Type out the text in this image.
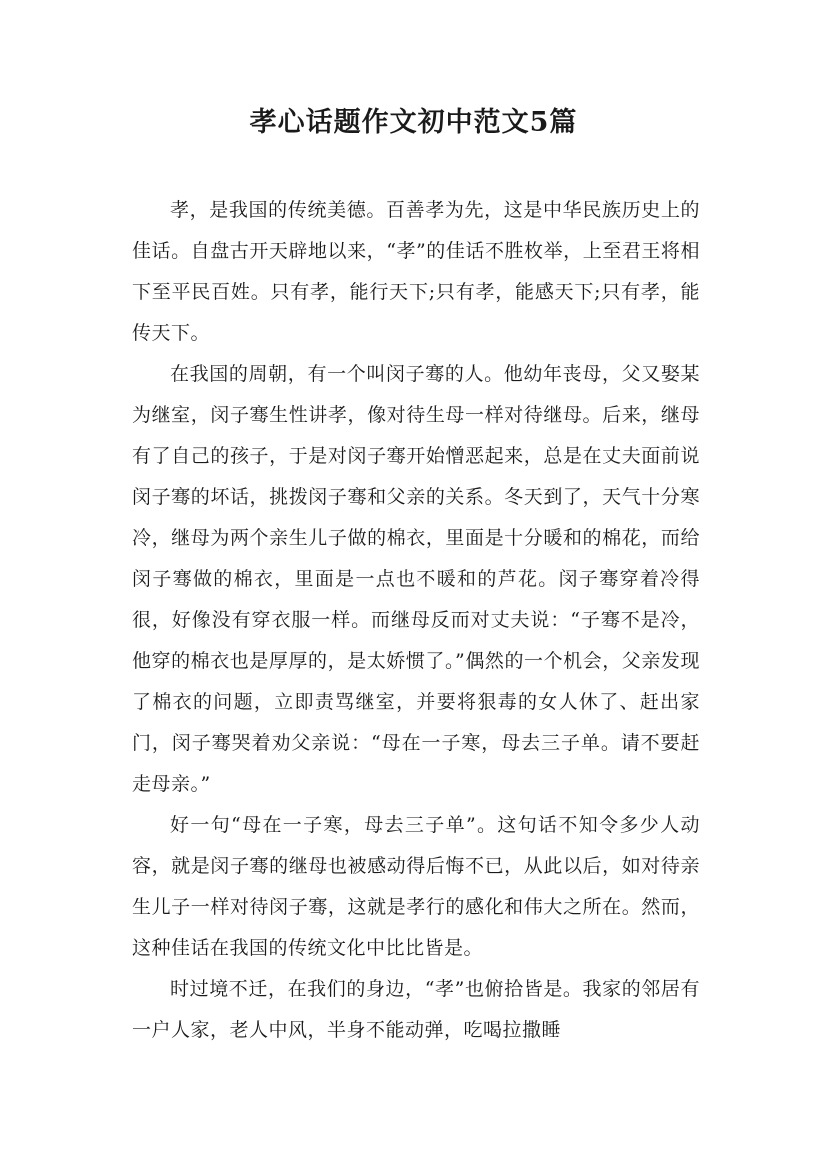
孝心话题作文初中范文5篇

孝，是我国的传统美德。百善孝为先，这是中华民族历史上的佳话。自盘古开天辟地以来，“孝”的佳话不胜枚举，上至君王将相下至平民百姓。只有孝，能行天下;只有孝，能感天下;只有孝，能传天下。

在我国的周朝，有一个叫闵子骞的人。他幼年丧母，父又娶某为继室，闵子骞生性讲孝，像对待生母一样对待继母。后来，继母有了自己的孩子，于是对闵子骞开始憎恶起来，总是在丈夫面前说闵子骞的坏话，挑拨闵子骞和父亲的关系。冬天到了，天气十分寒冷，继母为两个亲生儿子做的棉衣，里面是十分暖和的棉花，而给闵子骞做的棉衣，里面是一点也不暖和的芦花。闵子骞穿着冷得很，好像没有穿衣服一样。而继母反而对丈夫说：“子骞不是冷，他穿的棉衣也是厚厚的，是太娇惯了。”偶然的一个机会，父亲发现了棉衣的问题，立即责骂继室，并要将狠毒的女人休了、赶出家门，闵子骞哭着劝父亲说：“母在一子寒，母去三子单。请不要赶走母亲。”

好一句“母在一子寒，母去三子单”。这句话不知令多少人动容，就是闵子骞的继母也被感动得后悔不已，从此以后，如对待亲生儿子一样对待闵子骞，这就是孝行的感化和伟大之所在。然而，这种佳话在我国的传统文化中比比皆是。

时过境不迁，在我们的身边，“孝”也俯拾皆是。我家的邻居有一户人家，老人中风，半身不能动弹，吃喝拉撒睡
